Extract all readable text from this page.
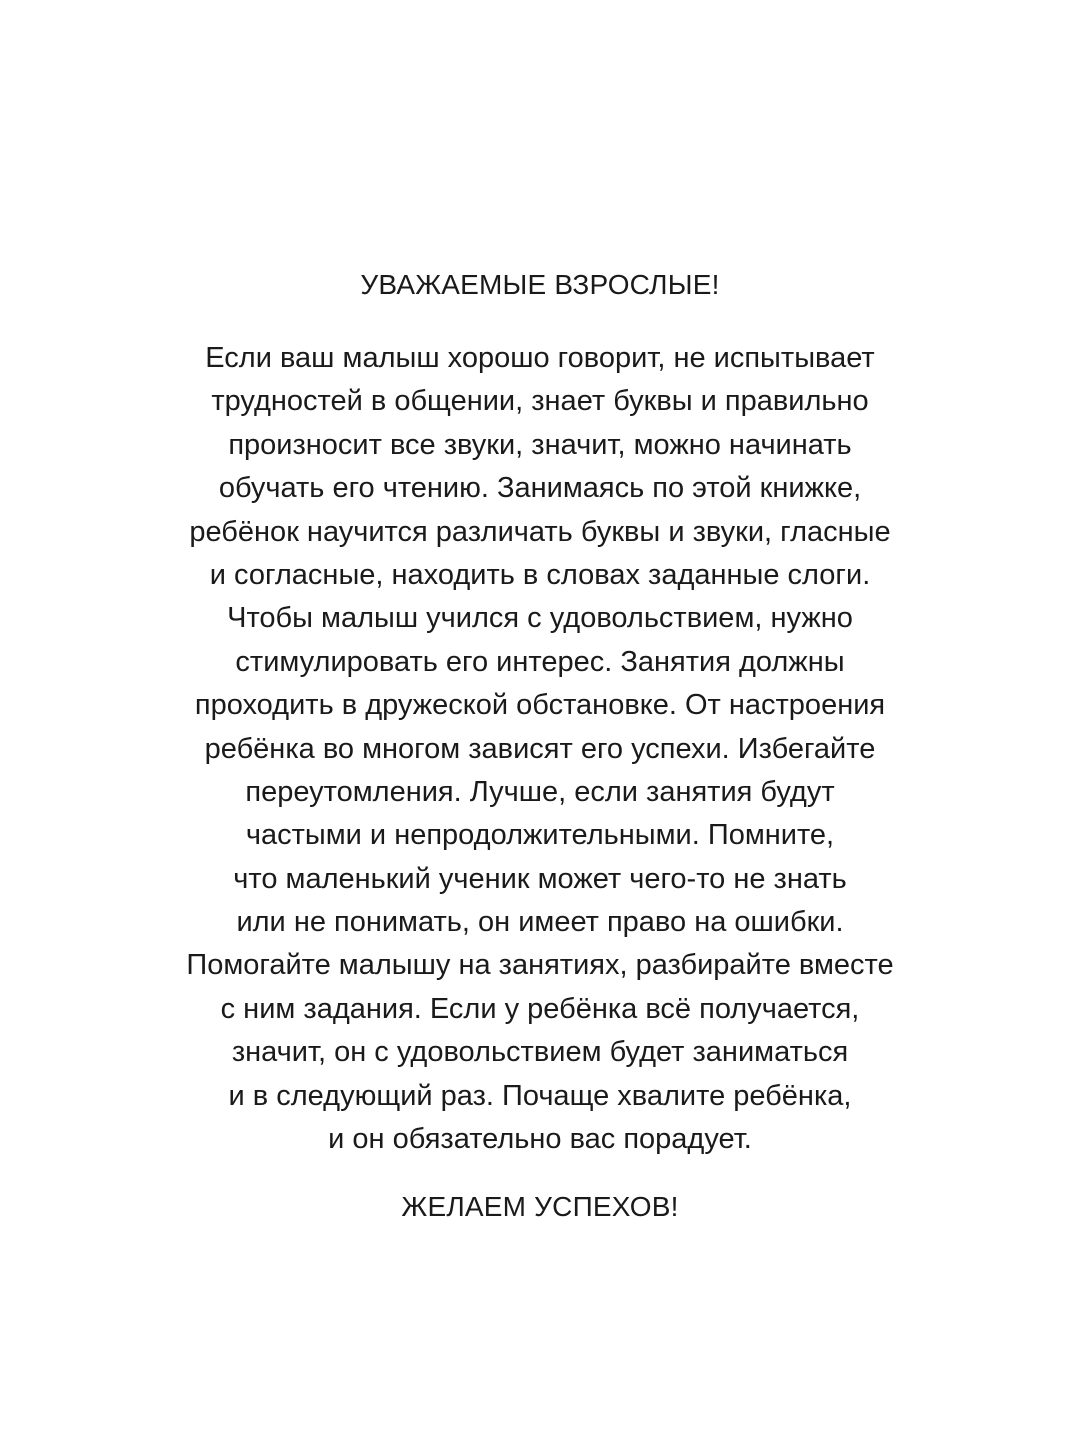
УВАЖАЕМЫЕ ВЗРОСЛЫЕ!
Если ваш малыш хорошо говорит, не испытывает
трудностей в общении, знает буквы и правильно
произносит все звуки, значит, можно начинать
обучать его чтению. Занимаясь по этой книжке,
ребёнок научится различать буквы и звуки, гласные
и согласные, находить в словах заданные слоги.
Чтобы малыш учился с удовольствием, нужно
стимулировать его интерес. Занятия должны
проходить в дружеской обстановке. От настроения
ребёнка во многом зависят его успехи. Избегайте
переутомления. Лучше, если занятия будут
частыми и непродолжительными. Помните,
что маленький ученик может чего-то не знать
или не понимать, он имеет право на ошибки.
Помогайте малышу на занятиях, разбирайте вместе
с ним задания. Если у ребёнка всё получается,
значит, он с удовольствием будет заниматься
и в следующий раз. Почаще хвалите ребёнка,
и он обязательно вас порадует.
ЖЕЛАЕМ УСПЕХОВ!
